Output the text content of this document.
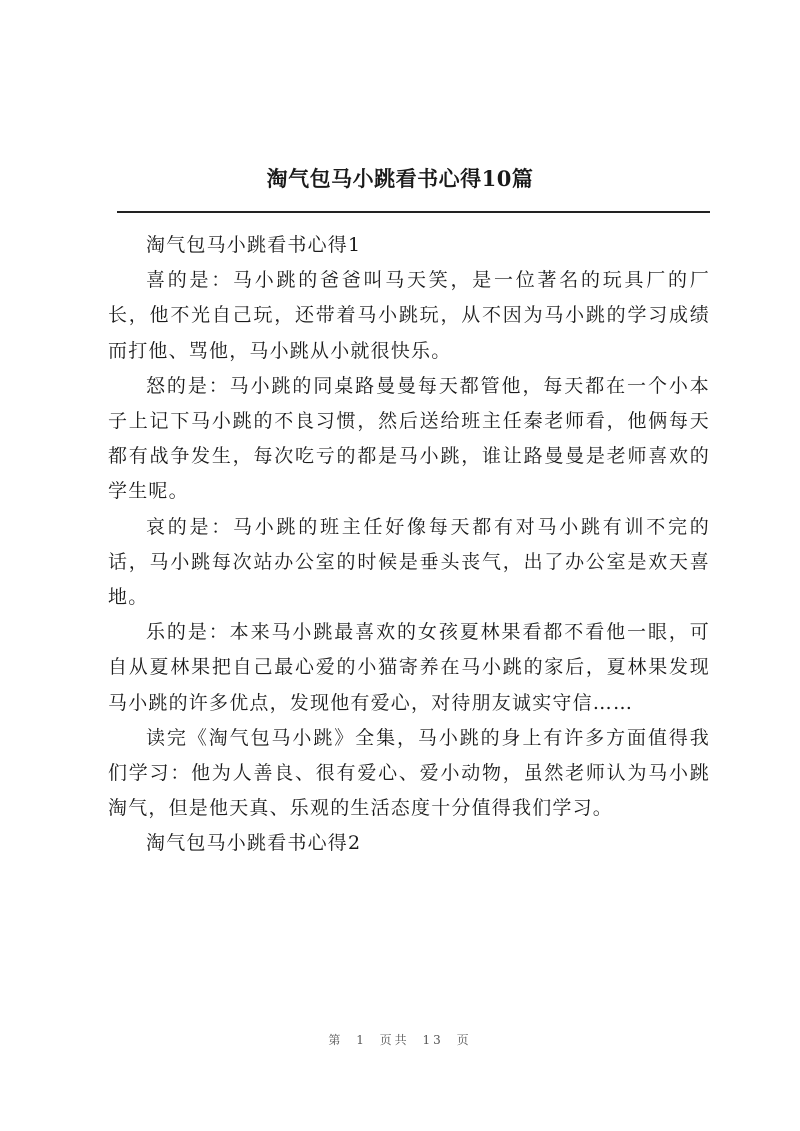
淘气包马小跳看书心得10篇

淘气包马小跳看书心得1

喜的是：马小跳的爸爸叫马天笑，是一位著名的玩具厂的厂长，他不光自己玩，还带着马小跳玩，从不因为马小跳的学习成绩而打他、骂他，马小跳从小就很快乐。

怒的是：马小跳的同桌路曼曼每天都管他，每天都在一个小本子上记下马小跳的不良习惯，然后送给班主任秦老师看，他俩每天都有战争发生，每次吃亏的都是马小跳，谁让路曼曼是老师喜欢的学生呢。

哀的是：马小跳的班主任好像每天都有对马小跳有训不完的话，马小跳每次站办公室的时候是垂头丧气，出了办公室是欢天喜地。

乐的是：本来马小跳最喜欢的女孩夏林果看都不看他一眼，可自从夏林果把自己最心爱的小猫寄养在马小跳的家后，夏林果发现马小跳的许多优点，发现他有爱心，对待朋友诚实守信……

读完《淘气包马小跳》全集，马小跳的身上有许多方面值得我们学习：他为人善良、很有爱心、爱小动物，虽然老师认为马小跳淘气，但是他天真、乐观的生活态度十分值得我们学习。

淘气包马小跳看书心得2

第 1 页共 13 页
